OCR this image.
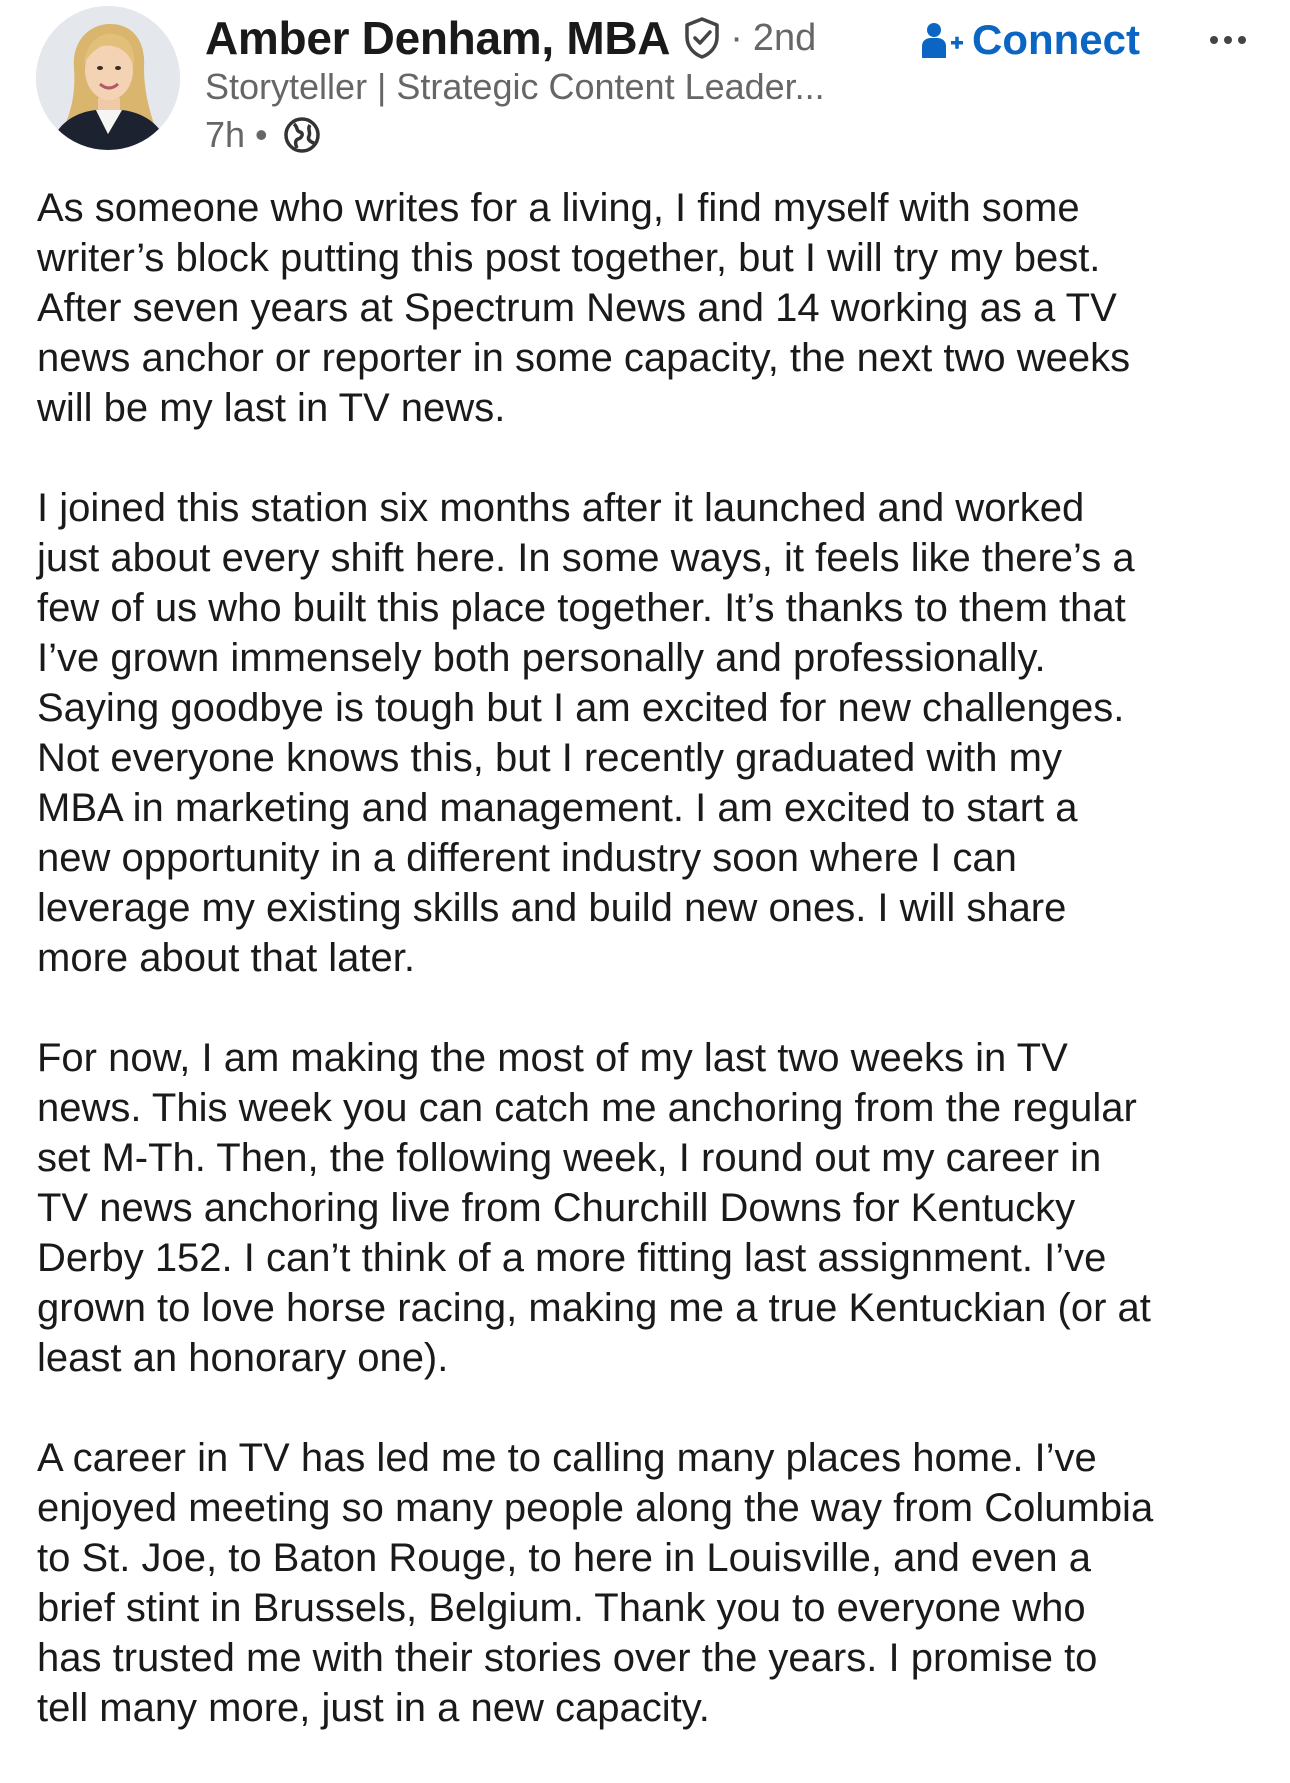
Amber Denham, MBA · 2nd
Storyteller | Strategic Content Leader...
7h •
Connect
As someone who writes for a living, I find myself with some
writer’s block putting this post together, but I will try my best.
After seven years at Spectrum News and 14 working as a TV
news anchor or reporter in some capacity, the next two weeks
will be my last in TV news.
I joined this station six months after it launched and worked
just about every shift here. In some ways, it feels like there’s a
few of us who built this place together. It’s thanks to them that
I’ve grown immensely both personally and professionally.
Saying goodbye is tough but I am excited for new challenges.
Not everyone knows this, but I recently graduated with my
MBA in marketing and management. I am excited to start a
new opportunity in a different industry soon where I can
leverage my existing skills and build new ones. I will share
more about that later.
For now, I am making the most of my last two weeks in TV
news. This week you can catch me anchoring from the regular
set M-Th. Then, the following week, I round out my career in
TV news anchoring live from Churchill Downs for Kentucky
Derby 152. I can’t think of a more fitting last assignment. I’ve
grown to love horse racing, making me a true Kentuckian (or at
least an honorary one).
A career in TV has led me to calling many places home. I’ve
enjoyed meeting so many people along the way from Columbia
to St. Joe, to Baton Rouge, to here in Louisville, and even a
brief stint in Brussels, Belgium. Thank you to everyone who
has trusted me with their stories over the years. I promise to
tell many more, just in a new capacity.
